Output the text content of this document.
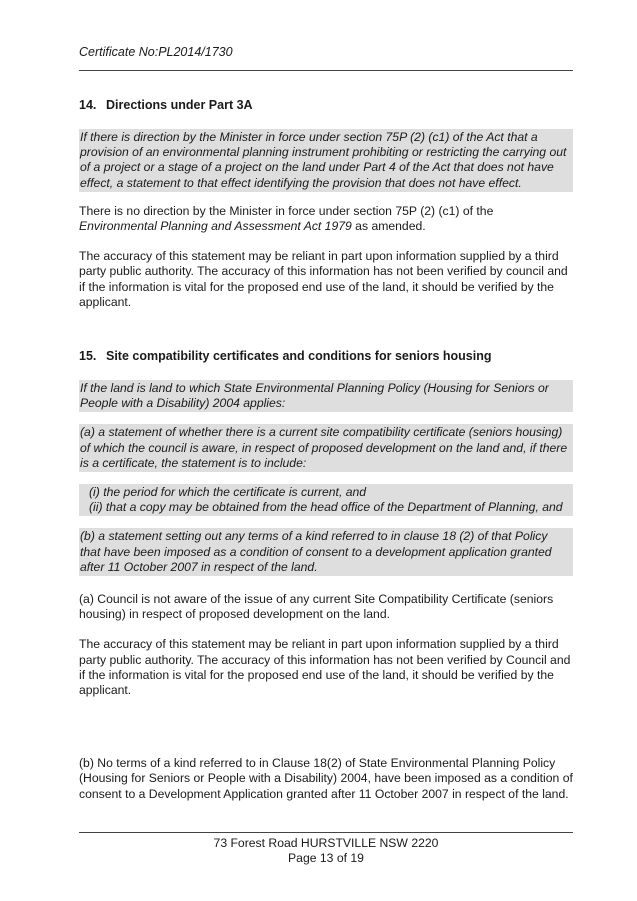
Certificate No:PL2014/1730
14. Directions under Part 3A
If there is direction by the Minister in force under section 75P (2) (c1) of the Act that a provision of an environmental planning instrument prohibiting or restricting the carrying out of a project or a stage of a project on the land under Part 4 of the Act that does not have effect, a statement to that effect identifying the provision that does not have effect.

There is no direction by the Minister in force under section 75P (2) (c1) of the Environmental Planning and Assessment Act 1979 as amended.

The accuracy of this statement may be reliant in part upon information supplied by a third party public authority. The accuracy of this information has not been verified by council and if the information is vital for the proposed end use of the land, it should be verified by the applicant.

15. Site compatibility certificates and conditions for seniors housing
If the land is land to which State Environmental Planning Policy (Housing for Seniors or People with a Disability) 2004 applies:
(a) a statement of whether there is a current site compatibility certificate (seniors housing) of which the council is aware, in respect of proposed development on the land and, if there is a certificate, the statement is to include:
(i) the period for which the certificate is current, and
(ii) that a copy may be obtained from the head office of the Department of Planning, and
(b) a statement setting out any terms of a kind referred to in clause 18 (2) of that Policy that have been imposed as a condition of consent to a development application granted after 11 October 2007 in respect of the land.

(a) Council is not aware of the issue of any current Site Compatibility Certificate (seniors housing) in respect of proposed development on the land.

The accuracy of this statement may be reliant in part upon information supplied by a third party public authority. The accuracy of this information has not been verified by Council and if the information is vital for the proposed end use of the land, it should be verified by the applicant.

(b) No terms of a kind referred to in Clause 18(2) of State Environmental Planning Policy (Housing for Seniors or People with a Disability) 2004, have been imposed as a condition of consent to a Development Application granted after 11 October 2007 in respect of the land.

73 Forest Road HURSTVILLE NSW 2220
Page 13 of 19
